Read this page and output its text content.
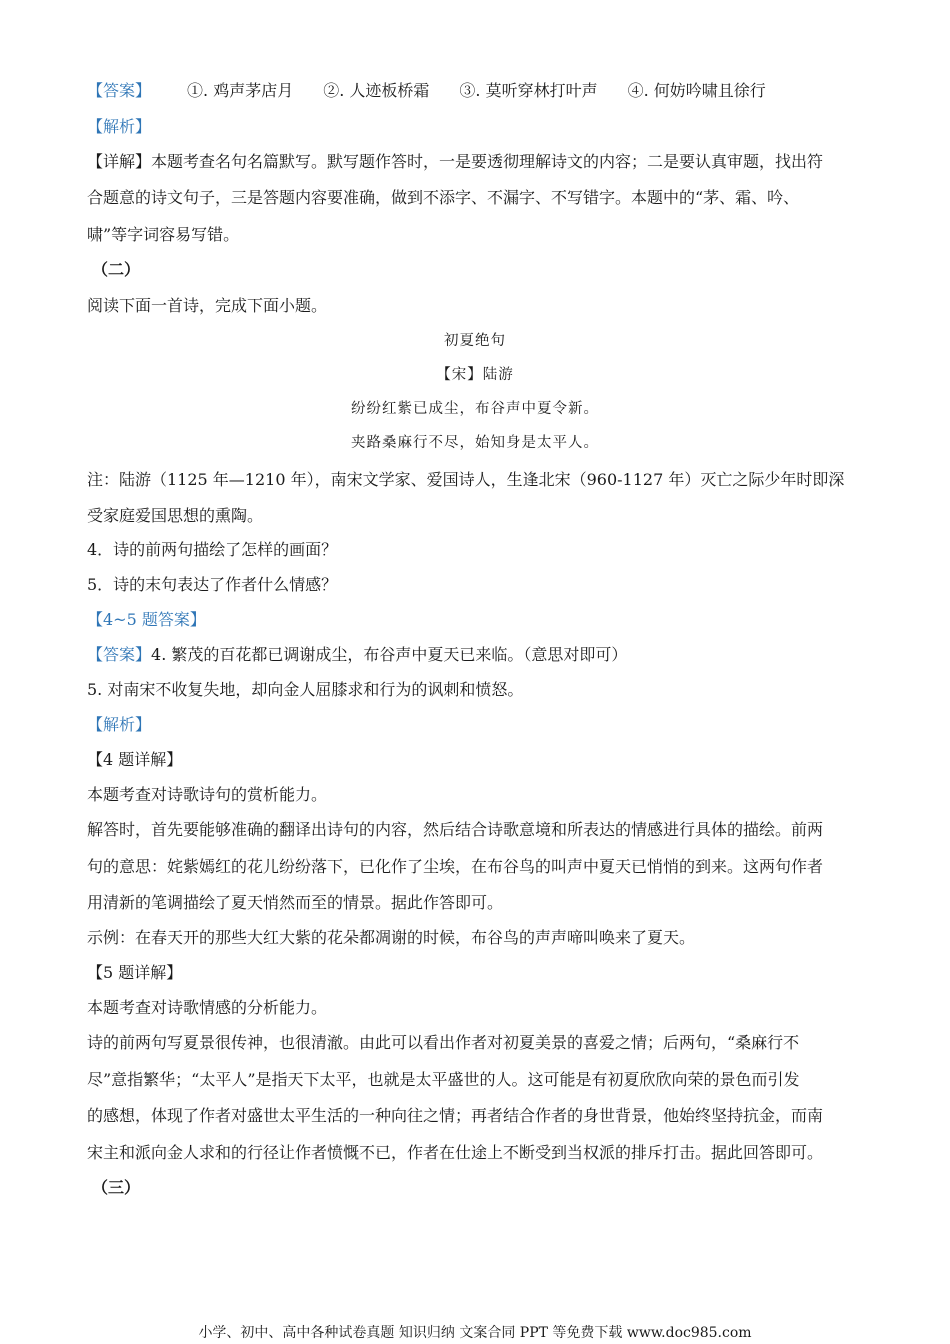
【答案】 ①. 鸡声茅店月 ②. 人迹板桥霜 ③. 莫听穿林打叶声 ④. 何妨吟啸且徐行
【解析】
【详解】本题考查名句名篇默写。默写题作答时，一是要透彻理解诗文的内容；二是要认真审题，找出符
合题意的诗文句子，三是答题内容要准确，做到不添字、不漏字、不写错字。本题中的“茅、霜、吟、
啸”等字词容易写错。
（二）
阅读下面一首诗，完成下面小题。
初夏绝句
【宋】陆游
纷纷红紫已成尘，布谷声中夏令新。
夹路桑麻行不尽，始知身是太平人。
注：陆游（1125 年—1210 年），南宋文学家、爱国诗人，生逢北宋（960-1127 年）灭亡之际少年时即深
受家庭爱国思想的熏陶。
4．诗的前两句描绘了怎样的画面？
5．诗的末句表达了作者什么情感？
【4~5 题答案】
【答案】4. 繁茂的百花都已调谢成尘，布谷声中夏天已来临。（意思对即可）
5. 对南宋不收复失地，却向金人屈膝求和行为的讽刺和愤怒。
【解析】
【4 题详解】
本题考查对诗歌诗句的赏析能力。
解答时，首先要能够准确的翻译出诗句的内容，然后结合诗歌意境和所表达的情感进行具体的描绘。前两
句的意思：姹紫嫣红的花儿纷纷落下，已化作了尘埃，在布谷鸟的叫声中夏天已悄悄的到来。这两句作者
用清新的笔调描绘了夏天悄然而至的情景。据此作答即可。
示例：在春天开的那些大红大紫的花朵都凋谢的时候，布谷鸟的声声啼叫唤来了夏天。
【5 题详解】
本题考查对诗歌情感的分析能力。
诗的前两句写夏景很传神，也很清澈。由此可以看出作者对初夏美景的喜爱之情；后两句，“桑麻行不
尽”意指繁华；“太平人”是指天下太平，也就是太平盛世的人。这可能是有初夏欣欣向荣的景色而引发
的感想，体现了作者对盛世太平生活的一种向往之情；再者结合作者的身世背景，他始终坚持抗金，而南
宋主和派向金人求和的行径让作者愤慨不已，作者在仕途上不断受到当权派的排斥打击。据此回答即可。
（三）
小学、初中、高中各种试卷真题 知识归纳 文案合同 PPT 等免费下载 www.doc985.com
